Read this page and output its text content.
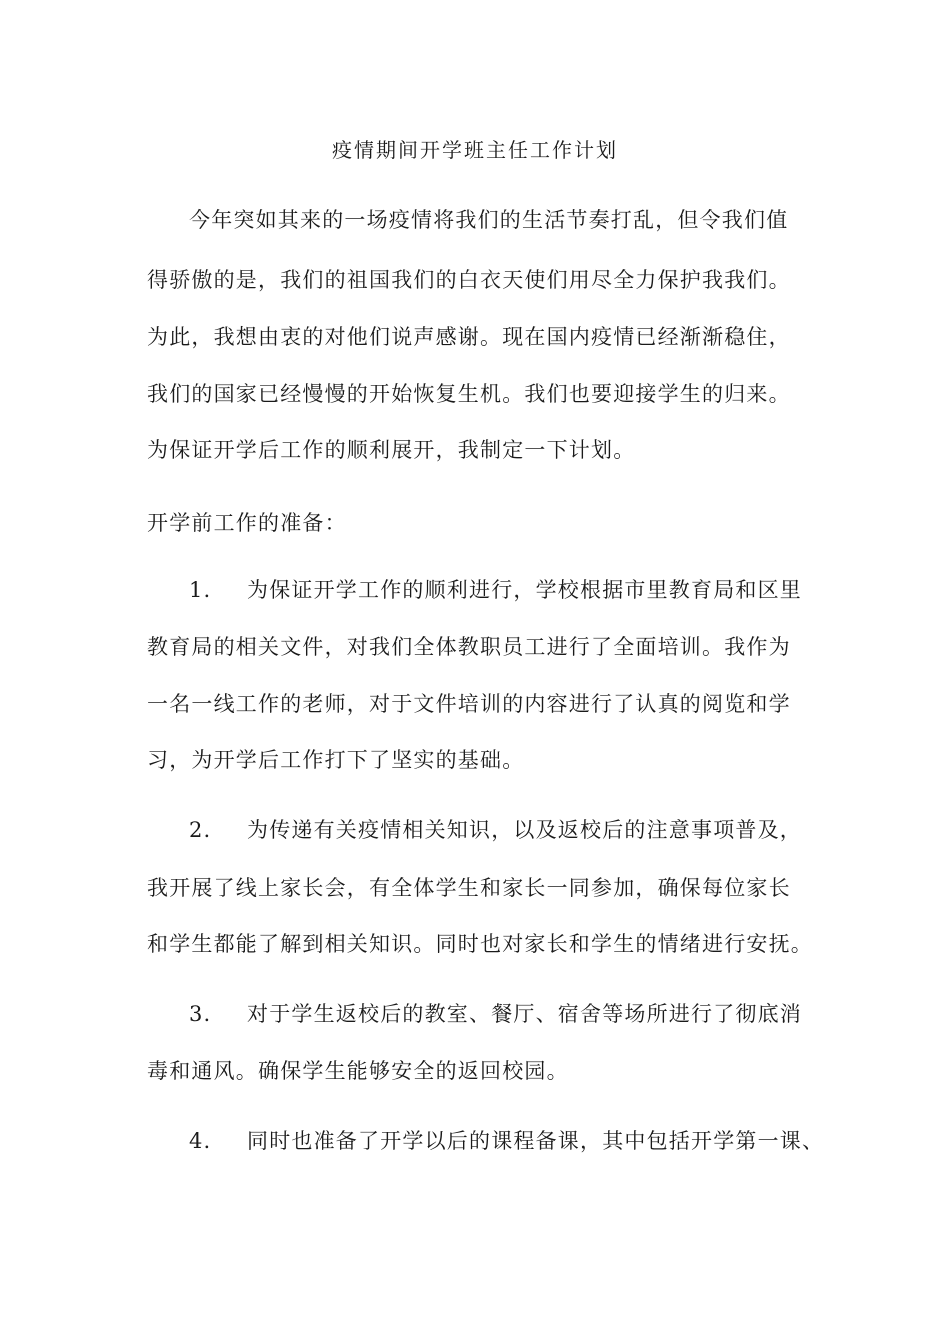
疫情期间开学班主任工作计划
今年突如其来的一场疫情将我们的生活节奏打乱，但令我们值
得骄傲的是，我们的祖国我们的白衣天使们用尽全力保护我我们。
为此，我想由衷的对他们说声感谢。现在国内疫情已经渐渐稳住，
我们的国家已经慢慢的开始恢复生机。我们也要迎接学生的归来。
为保证开学后工作的顺利展开，我制定一下计划。
开学前工作的准备：
1. 为保证开学工作的顺利进行，学校根据市里教育局和区里
教育局的相关文件，对我们全体教职员工进行了全面培训。我作为
一名一线工作的老师，对于文件培训的内容进行了认真的阅览和学
习，为开学后工作打下了坚实的基础。
2. 为传递有关疫情相关知识，以及返校后的注意事项普及，
我开展了线上家长会，有全体学生和家长一同参加，确保每位家长
和学生都能了解到相关知识。同时也对家长和学生的情绪进行安抚。
3. 对于学生返校后的教室、餐厅、宿舍等场所进行了彻底消
毒和通风。确保学生能够安全的返回校园。
4. 同时也准备了开学以后的课程备课，其中包括开学第一课、
